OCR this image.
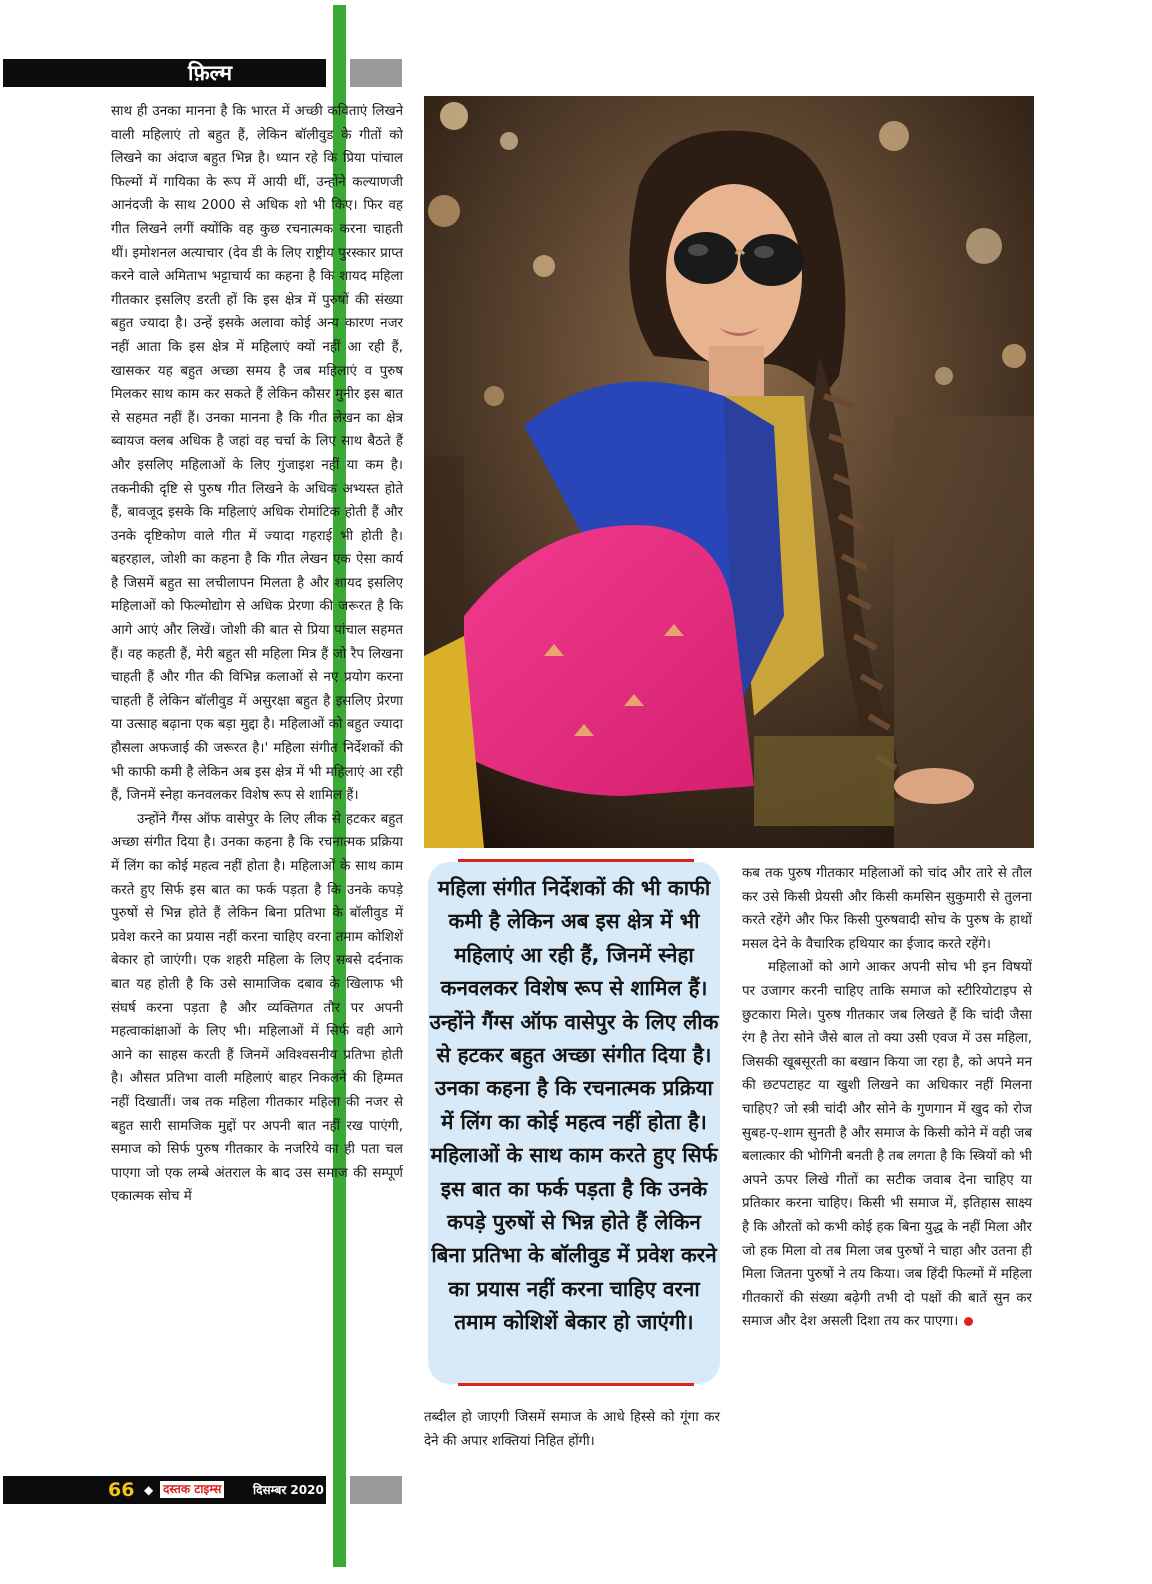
फ़िल्म

साथ ही उनका मानना है कि भारत में अच्छी कविताएं लिखने वाली महिलाएं तो बहुत हैं, लेकिन बॉलीवुड के गीतों को लिखने का अंदाज बहुत भिन्न है। ध्यान रहे कि प्रिया पांचाल फिल्मों में गायिका के रूप में आयी थीं, उन्होंने कल्याणजी आनंदजी के साथ 2000 से अधिक शो भी किए। फिर वह गीत लिखने लगीं क्योंकि वह कुछ रचनात्मक करना चाहती थीं। इमोशनल अत्याचार (देव डी के लिए राष्ट्रीय पुरस्कार प्राप्त करने वाले अमिताभ भट्टाचार्य का कहना है कि शायद महिला गीतकार इसलिए डरती हों कि इस क्षेत्र में पुरुषों की संख्या बहुत ज्यादा है। उन्हें इसके अलावा कोई अन्य कारण नजर नहीं आता कि इस क्षेत्र में महिलाएं क्यों नहीं आ रही हैं, खासकर यह बहुत अच्छा समय है जब महिलाएं व पुरुष मिलकर साथ काम कर सकते हैं लेकिन कौसर मुनीर इस बात से सहमत नहीं हैं। उनका मानना है कि गीत लेखन का क्षेत्र ब्वायज क्लब अधिक है जहां वह चर्चा के लिए साथ बैठते हैं और इसलिए महिलाओं के लिए गुंजाइश नहीं या कम है। तकनीकी दृष्टि से पुरुष गीत लिखने के अधिक अभ्यस्त होते हैं, बावजूद इसके कि महिलाएं अधिक रोमांटिक होती हैं और उनके दृष्टिकोण वाले गीत में ज्यादा गहराई भी होती है। बहरहाल, जोशी का कहना है कि गीत लेखन एक ऐसा कार्य है जिसमें बहुत सा लचीलापन मिलता है और शायद इसलिए महिलाओं को फिल्मोद्योग से अधिक प्रेरणा की जरूरत है कि आगे आएं और लिखें। जोशी की बात से प्रिया पांचाल सहमत हैं। वह कहती हैं, मेरी बहुत सी महिला मित्र हैं जो रैप लिखना चाहती हैं और गीत की विभिन्न कलाओं से नए प्रयोग करना चाहती हैं लेकिन बॉलीवुड में असुरक्षा बहुत है इसलिए प्रेरणा या उत्साह बढ़ाना एक बड़ा मुद्दा है। महिलाओं को बहुत ज्यादा हौसला अफजाई की जरूरत है।' महिला संगीत निर्देशकों की भी काफी कमी है लेकिन अब इस क्षेत्र में भी महिलाएं आ रही हैं, जिनमें स्नेहा कनवलकर विशेष रूप से शामिल हैं।

उन्होंने गैंग्स ऑफ वासेपुर के लिए लीक से हटकर बहुत अच्छा संगीत दिया है। उनका कहना है कि रचनात्मक प्रक्रिया में लिंग का कोई महत्व नहीं होता है। महिलाओं के साथ काम करते हुए सिर्फ इस बात का फर्क पड़ता है कि उनके कपड़े पुरुषों से भिन्न होते हैं लेकिन बिना प्रतिभा के बॉलीवुड में प्रवेश करने का प्रयास नहीं करना चाहिए वरना तमाम कोशिशें बेकार हो जाएंगी। एक शहरी महिला के लिए सबसे दर्दनाक बात यह होती है कि उसे सामाजिक दबाव के खिलाफ भी संघर्ष करना पड़ता है और व्यक्तिगत तौर पर अपनी महत्वाकांक्षाओं के लिए भी। महिलाओं में सिर्फ वही आगे आने का साहस करती हैं जिनमें अविश्वसनीय प्रतिभा होती है। औसत प्रतिभा वाली महिलाएं बाहर निकलने की हिम्मत नहीं दिखातीं। जब तक महिला गीतकार महिला की नजर से बहुत सारी सामजिक मुद्दों पर अपनी बात नहीं रख पाएंगी, समाज को सिर्फ पुरुष गीतकार के नजरिये का ही पता चल पाएगा जो एक लम्बे अंतराल के बाद उस समाज की सम्पूर्ण एकात्मक सोच में

महिला संगीत निर्देशकों की भी काफी कमी है लेकिन अब इस क्षेत्र में भी महिलाएं आ रही हैं, जिनमें स्नेहा कनवलकर विशेष रूप से शामिल हैं। उन्होंने गैंग्स ऑफ वासेपुर के लिए लीक से हटकर बहुत अच्छा संगीत दिया है। उनका कहना है कि रचनात्मक प्रक्रिया में लिंग का कोई महत्व नहीं होता है। महिलाओं के साथ काम करते हुए सिर्फ इस बात का फर्क पड़ता है कि उनके कपड़े पुरुषों से भिन्न होते हैं लेकिन बिना प्रतिभा के बॉलीवुड में प्रवेश करने का प्रयास नहीं करना चाहिए वरना तमाम कोशिशें बेकार हो जाएंगी।

तब्दील हो जाएगी जिसमें समाज के आधे हिस्से को गूंगा कर देने की अपार शक्तियां निहित होंगी।

कब तक पुरुष गीतकार महिलाओं को चांद और तारे से तौल कर उसे किसी प्रेयसी और किसी कमसिन सुकुमारी से तुलना करते रहेंगे और फिर किसी पुरुषवादी सोच के पुरुष के हाथों मसल देने के वैचारिक हथियार का ईजाद करते रहेंगे।

महिलाओं को आगे आकर अपनी सोच भी इन विषयों पर उजागर करनी चाहिए ताकि समाज को स्टीरियोटाइप से छुटकारा मिले। पुरुष गीतकार जब लिखते हैं कि चांदी जैसा रंग है तेरा सोने जैसे बाल तो क्या उसी एवज में उस महिला, जिसकी खूबसूरती का बखान किया जा रहा है, को अपने मन की छटपटाहट या खुशी लिखने का अधिकार नहीं मिलना चाहिए? जो स्त्री चांदी और सोने के गुणगान में खुद को रोज सुबह-ए-शाम सुनती है और समाज के किसी कोने में वही जब बलात्कार की भोगिनी बनती है तब लगता है कि स्त्रियों को भी अपने ऊपर लिखे गीतों का सटीक जवाब देना चाहिए या प्रतिकार करना चाहिए। किसी भी समाज में, इतिहास साक्ष्य है कि औरतों को कभी कोई हक बिना युद्ध के नहीं मिला और जो हक मिला वो तब मिला जब पुरुषों ने चाहा और उतना ही मिला जितना पुरुषों ने तय किया। जब हिंदी फिल्मों में महिला गीतकारों की संख्या बढ़ेगी तभी दो पक्षों की बातें सुन कर समाज और देश असली दिशा तय कर पाएगा।

66 ◆ दस्तक टाइम्स	दिसम्बर 2020
